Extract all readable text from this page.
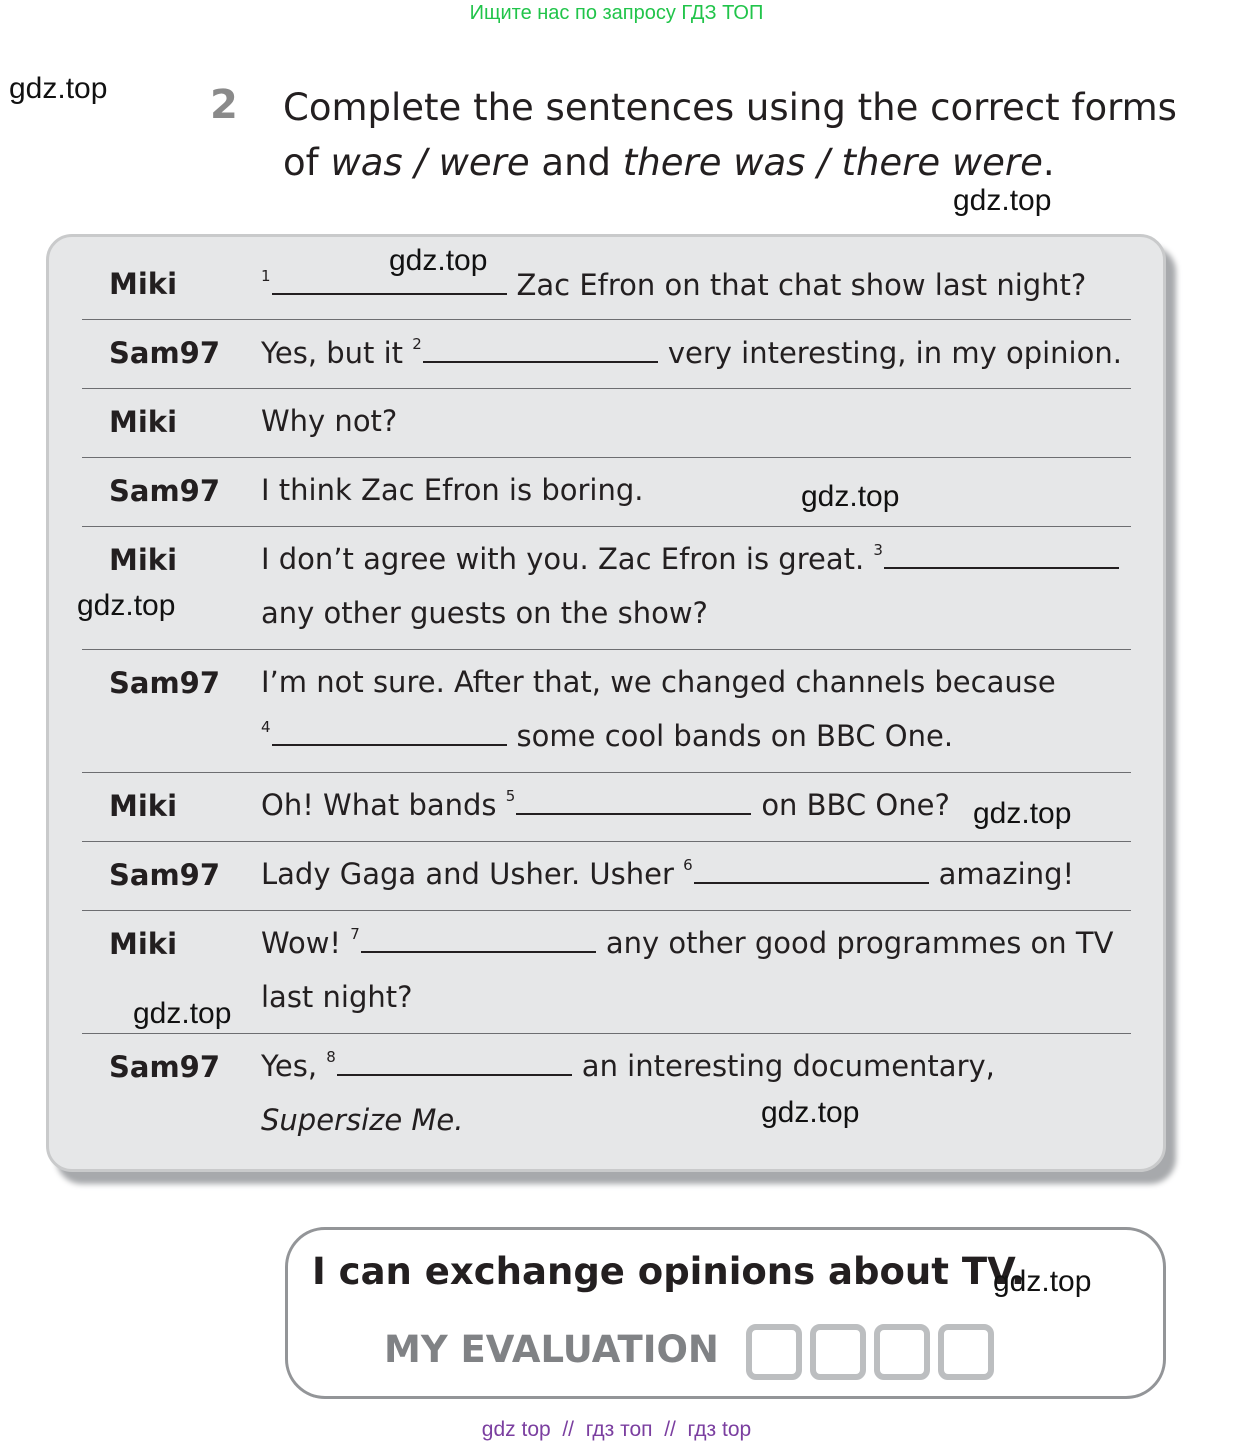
Ищите нас по запросу ГДЗ ТОП
gdz.top	2 Complete the sentences using the correct forms of was / were and there was / there were.
gdz.top
Miki	$^1$	Zac Efron on that chat show last night?
Sam97 Yes, but it $^2$	very interesting, in my opinion.
Miki	Why not?
Sam97 I think Zac Efron is boring.
Miki	I don’t agree with you. Zac Efron is great. $^3$
any other guests on the show?
Sam97 I’m not sure. After that, we changed channels because
$^4$	some cool bands on BBC One.
Miki	Oh! What bands $^5$	on BBC One?
Sam97 Lady Gaga and Usher. Usher $^6$	amazing!
Miki	Wow! $^7$	any other good programmes on TV
last night?
Sam97 Yes, $^8$	an interesting documentary,
Supersize Me.
gdz.top
gdz.top
gdz.top
gdz.top
gdz.top
gdz.top
I can exchange opinions about TV.
MY EVALUATION
gdz.top
gdz top  //  гдз топ  //  гдз top
